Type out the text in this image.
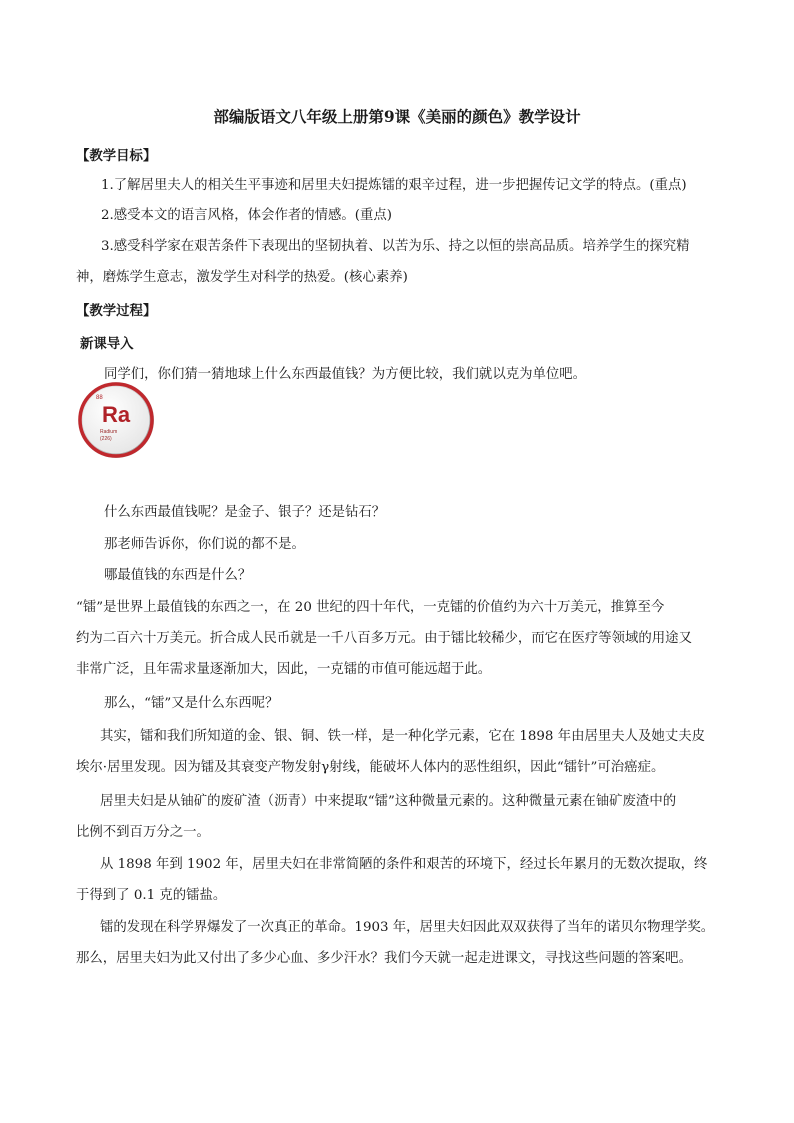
部编版语文八年级上册第9课《美丽的颜色》教学设计
【教学目标】
1.了解居里夫人的相关生平事迹和居里夫妇提炼镭的艰辛过程，进一步把握传记文学的特点。(重点)
2.感受本文的语言风格，体会作者的情感。(重点)
3.感受科学家在艰苦条件下表现出的坚韧执着、以苦为乐、持之以恒的崇高品质。培养学生的探究精
神，磨炼学生意志，激发学生对科学的热爱。(核心素养)
【教学过程】
新课导入
同学们，你们猜一猜地球上什么东西最值钱？为方便比较，我们就以克为单位吧。
88
Ra
Radium
(226)
什么东西最值钱呢？是金子、银子？还是钻石？
那老师告诉你，你们说的都不是。
哪最值钱的东西是什么？
“镭”是世界上最值钱的东西之一，在 20 世纪的四十年代，一克镭的价值约为六十万美元，推算至今
约为二百六十万美元。折合成人民币就是一千八百多万元。由于镭比较稀少，而它在医疗等领域的用途又
非常广泛，且年需求量逐渐加大，因此，一克镭的市值可能远超于此。
那么，“镭”又是什么东西呢？
其实，镭和我们所知道的金、银、铜、铁一样，是一种化学元素，它在 1898 年由居里夫人及她丈夫皮
埃尔·居里发现。因为镭及其衰变产物发射γ射线，能破坏人体内的恶性组织，因此“镭针”可治癌症。
居里夫妇是从铀矿的废矿渣（沥青）中来提取“镭”这种微量元素的。这种微量元素在铀矿废渣中的
比例不到百万分之一。
从 1898 年到 1902 年，居里夫妇在非常简陋的条件和艰苦的环境下，经过长年累月的无数次提取，终
于得到了 0.1 克的镭盐。
镭的发现在科学界爆发了一次真正的革命。1903 年，居里夫妇因此双双获得了当年的诺贝尔物理学奖。
那么，居里夫妇为此又付出了多少心血、多少汗水？我们今天就一起走进课文，寻找这些问题的答案吧。
